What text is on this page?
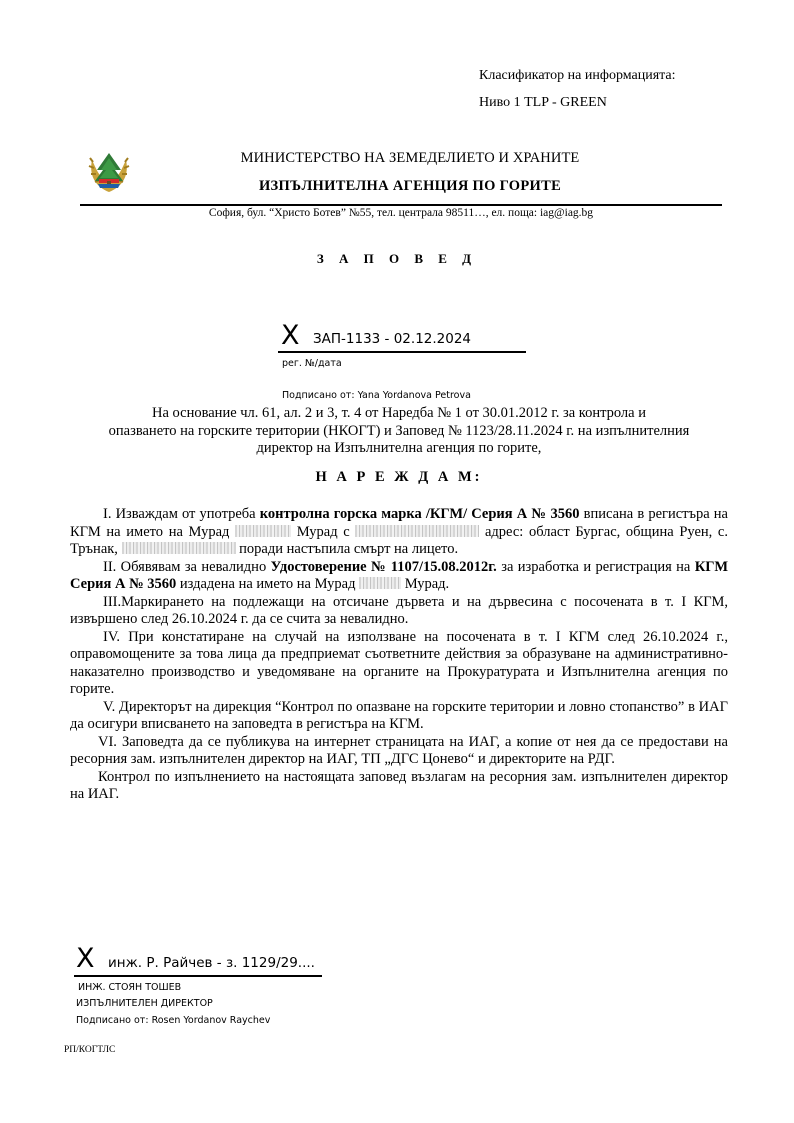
Класификатор на информацията:
Ниво 1 TLP - GREEN
МИНИСТЕРСТВО НА ЗЕМЕДЕЛИЕТО И ХРАНИТЕ
ИЗПЪЛНИТЕЛНА АГЕНЦИЯ ПО ГОРИТЕ
София, бул. “Христо Ботев” №55, тел. централа 98511…, ел. поща: iag@iag.bg
З А П О В Е Д
X ЗАП-1133 - 02.12.2024
рег. №/дата
Подписано от: Yana Yordanova Petrova

На основание чл. 61, ал. 2 и 3, т. 4 от Наредба № 1 от 30.01.2012 г. за контрола и

опазването на горските територии (НКОГТ) и Заповед № 1123/28.11.2024 г. на изпълнителния

директор на Изпълнителна агенция по горите,

Н А Р Е Ж Д А М:

I. Изваждам от употреба контролна горска марка /КГМ/ Серия А № 3560 вписана в регистъра на КГМ на името на Мурад	Мурад с	адрес: област Бургас, община Руен, с. Трънак,	поради настъпила смърт на лицето.

II. Обявявам за невалидно Удостоверение № 1107/15.08.2012г. за изработка и регистрация на КГМ Серия А № 3560 издадена на името на Мурад	Мурад.

III.Маркирането на подлежащи на отсичане дървета и на дървесина с посочената в т. I КГМ, извършено след 26.10.2024 г. да се счита за невалидно.

IV. При констатиране на случай на използване на посочената в т. I КГМ след 26.10.2024 г., оправомощените за това лица да предприемат съответните действия за образуване на административно-наказателно производство и уведомяване на органите на Прокуратурата и Изпълнителна агенция по горите.

V. Директорът на дирекция “Контрол по опазване на горските територии и ловно стопанство” в ИАГ да осигури вписването на заповедта в регистъра на КГМ.

VI. Заповедта да се публикува на интернет страницата на ИАГ, а копие от нея да се предостави на ресорния зам. изпълнителен директор на ИАГ, ТП „ДГС Цонево“ и директорите на РДГ.

Контрол по изпълнението на настоящата заповед възлагам на ресорния зам. изпълнителен директор на ИАГ.

X инж. Р. Райчев - з. 1129/29....
ИНЖ. СТОЯН ТОШЕВ
ИЗПЪЛНИТЕЛЕН ДИРЕКТОР
Подписано от: Rosen Yordanov Raychev
РП/КОГТЛС
